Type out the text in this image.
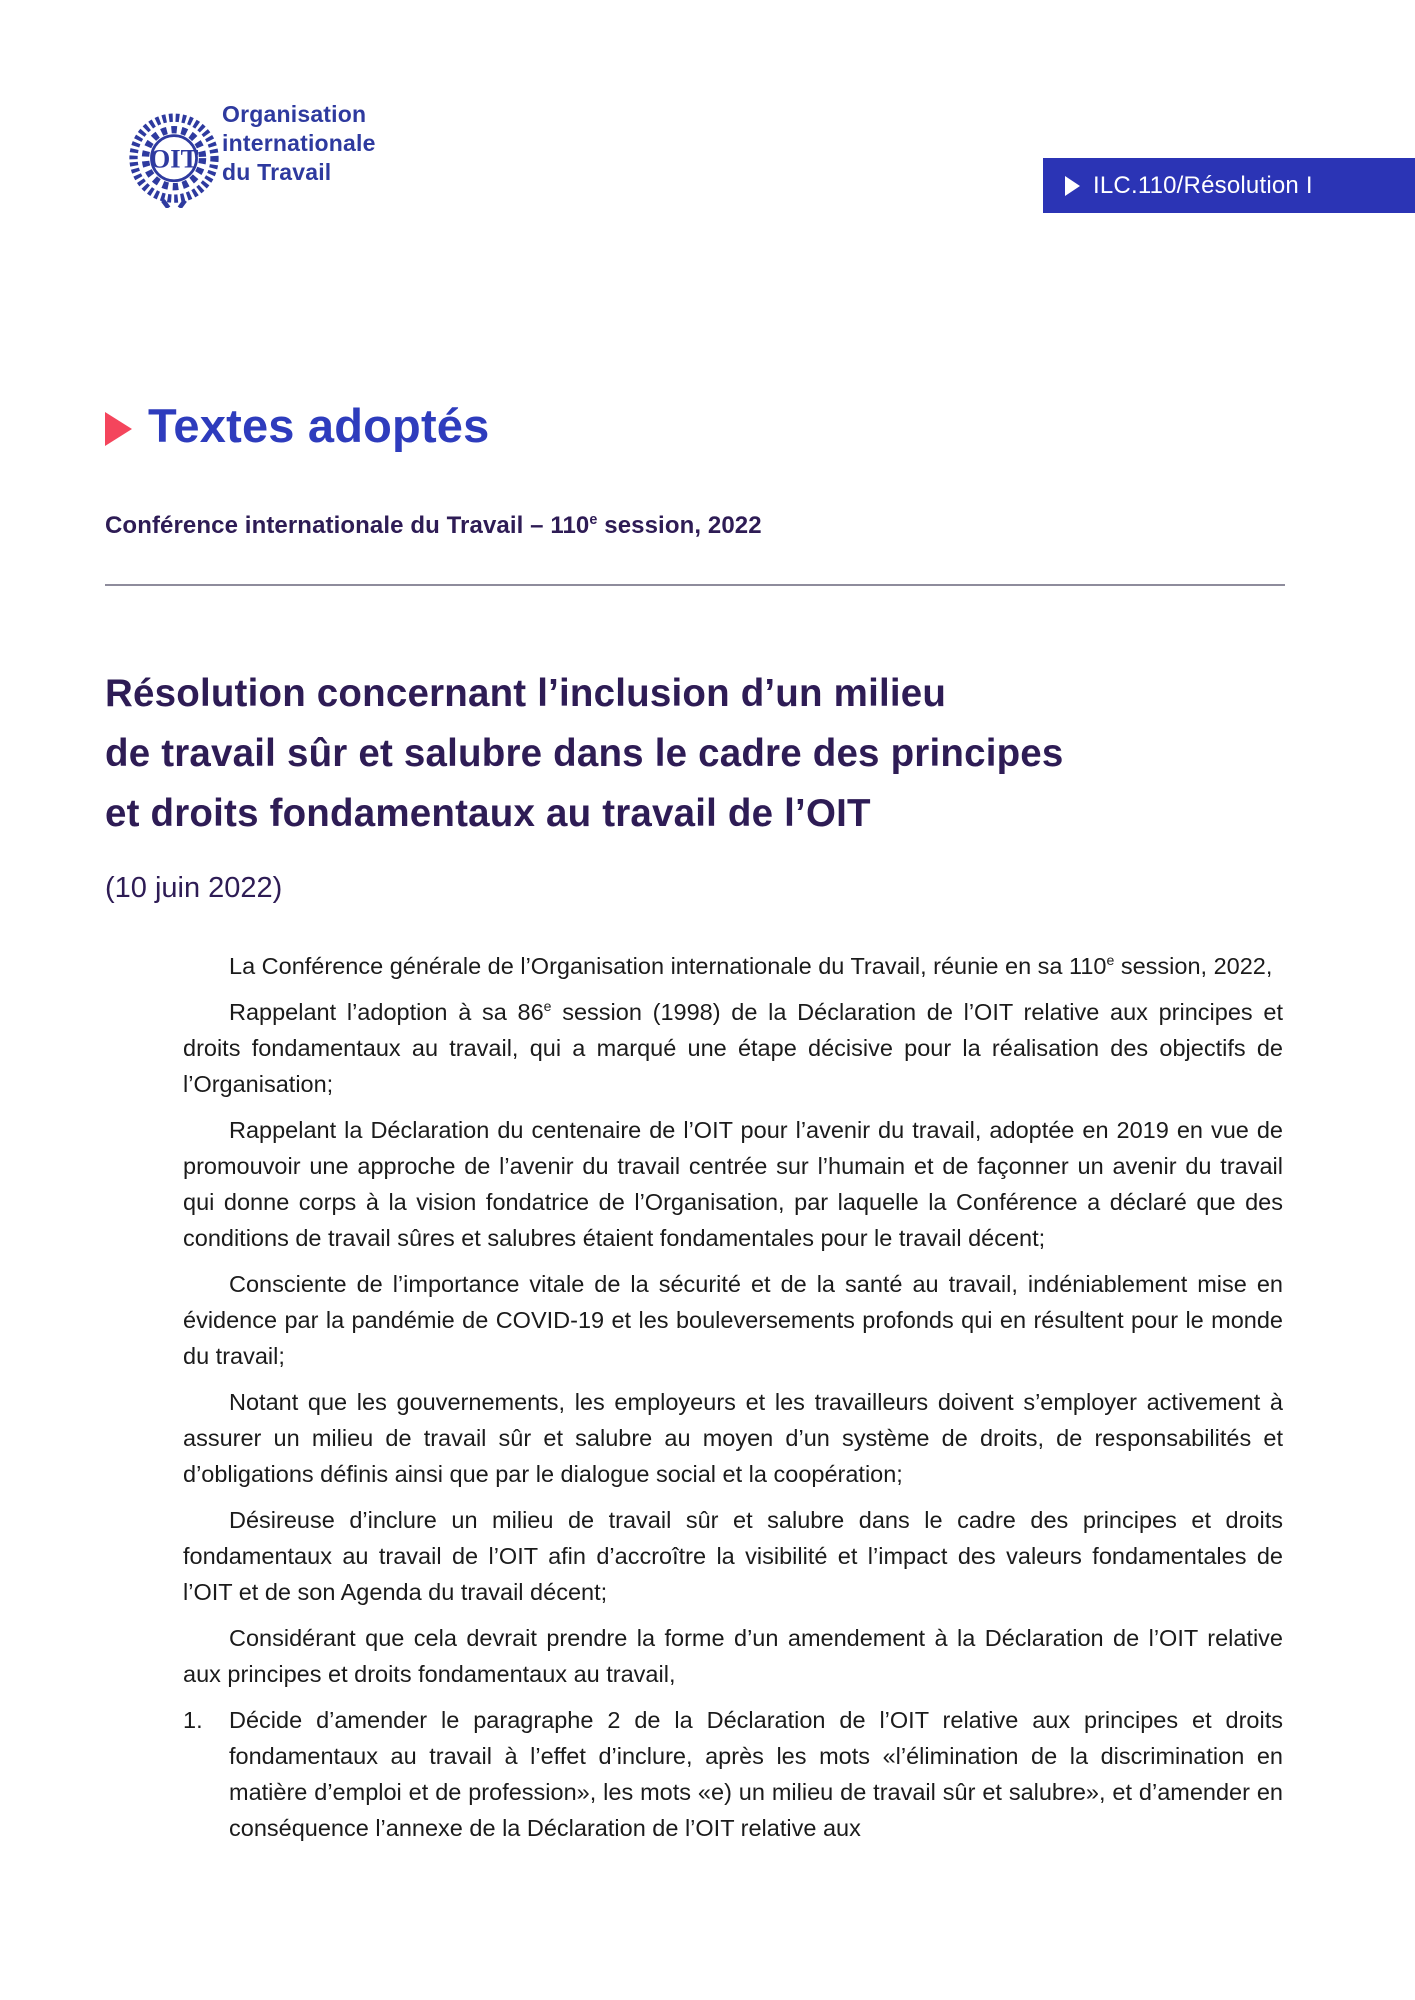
OIT
Organisation
internationale
du Travail	ILC.110/Résolution I
Textes adoptés
Conférence internationale du Travail – 110e session, 2022
Résolution concernant l’inclusion d’un milieu
de travail sûr et salubre dans le cadre des principes
et droits fondamentaux au travail de l’OIT
(10 juin 2022)

La Conférence générale de l’Organisation internationale du Travail, réunie en sa 110e session, 2022,

Rappelant l’adoption à sa 86e session (1998) de la Déclaration de l’OIT relative aux principes et droits fondamentaux au travail, qui a marqué une étape décisive pour la réalisation des objectifs de l’Organisation;

Rappelant la Déclaration du centenaire de l’OIT pour l’avenir du travail, adoptée en 2019 en vue de promouvoir une approche de l’avenir du travail centrée sur l’humain et de façonner un avenir du travail qui donne corps à la vision fondatrice de l’Organisation, par laquelle la Conférence a déclaré que des conditions de travail sûres et salubres étaient fondamentales pour le travail décent;

Consciente de l’importance vitale de la sécurité et de la santé au travail, indéniablement mise en évidence par la pandémie de COVID-19 et les bouleversements profonds qui en résultent pour le monde du travail;

Notant que les gouvernements, les employeurs et les travailleurs doivent s’employer activement à assurer un milieu de travail sûr et salubre au moyen d’un système de droits, de responsabilités et d’obligations définis ainsi que par le dialogue social et la coopération;

Désireuse d’inclure un milieu de travail sûr et salubre dans le cadre des principes et droits fondamentaux au travail de l’OIT afin d’accroître la visibilité et l’impact des valeurs fondamentales de l’OIT et de son Agenda du travail décent;

Considérant que cela devrait prendre la forme d’un amendement à la Déclaration de l’OIT relative aux principes et droits fondamentaux au travail,

1. Décide d’amender le paragraphe 2 de la Déclaration de l’OIT relative aux principes et droits fondamentaux au travail à l’effet d’inclure, après les mots «l’élimination de la discrimination en matière d’emploi et de profession», les mots «e) un milieu de travail sûr et salubre», et d’amender en conséquence l’annexe de la Déclaration de l’OIT relative aux
